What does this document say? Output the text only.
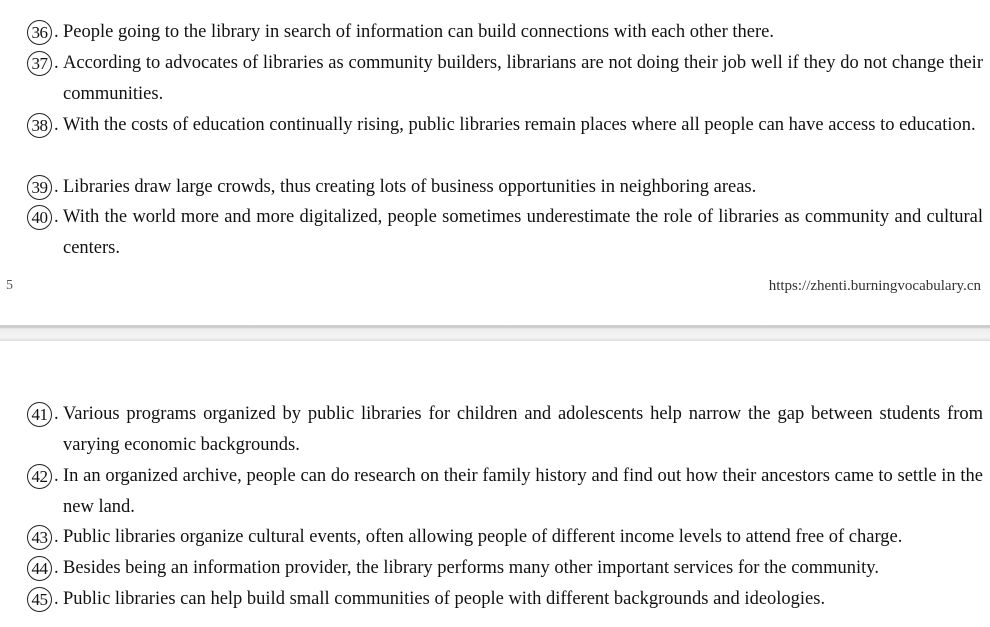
36 . People going to the library in search of information can build connections with each other there.
37 . According to advocates of libraries as community builders, librarians are not doing their job well if they do not change their communities.
38 . With the costs of education continually rising, public libraries remain places where all people can have access to education.
39 . Libraries draw large crowds, thus creating lots of business opportunities in neighboring areas.
40 . With the world more and more digitalized, people sometimes underestimate the role of libraries as community and cultural centers.
5	https://zhenti.burningvocabulary.cn
41 . Various programs organized by public libraries for children and adolescents help narrow the gap between students from varying economic backgrounds.
42 . In an organized archive, people can do research on their family history and find out how their ancestors came to settle in the new land.
43 . Public libraries organize cultural events, often allowing people of different income levels to attend free of charge.
44 . Besides being an information provider, the library performs many other important services for the community.
45 . Public libraries can help build small communities of people with different backgrounds and ideologies.
